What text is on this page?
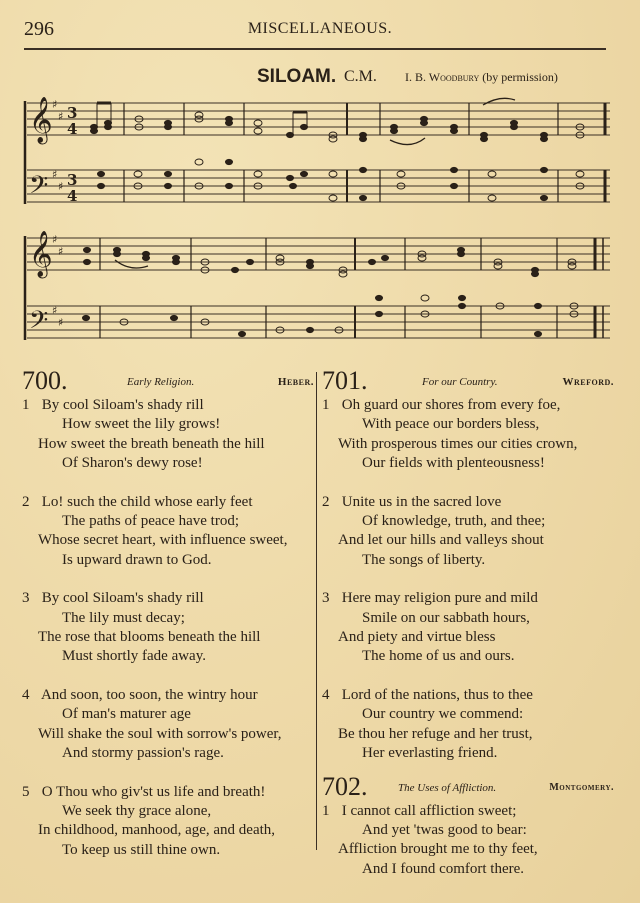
296	MISCELLANEOUS.
SILOAM. C.M. I. B. Woodbury (by permission)
𝄞
𝄢
𝄞
𝄢
♯
♯
♯
♯
♯
♯
♯
♯
3
4
3
4
700.	Early Religion.	Heber.
1 By cool Siloam's shady rill
How sweet the lily grows!
How sweet the breath beneath the hill
Of Sharon's dewy rose!
2 Lo! such the child whose early feet
The paths of peace have trod;
Whose secret heart, with influence sweet,
Is upward drawn to God.
3 By cool Siloam's shady rill
The lily must decay;
The rose that blooms beneath the hill
Must shortly fade away.
4 And soon, too soon, the wintry hour
Of man's maturer age
Will shake the soul with sorrow's power,
And stormy passion's rage.
5 O Thou who giv'st us life and breath!
We seek thy grace alone,
In childhood, manhood, age, and death,
To keep us still thine own.
701.	For our Country.	Wreford.
1 Oh guard our shores from every foe,
With peace our borders bless,
With prosperous times our cities crown,
Our fields with plenteousness!
2 Unite us in the sacred love
Of knowledge, truth, and thee;
And let our hills and valleys shout
The songs of liberty.
3 Here may religion pure and mild
Smile on our sabbath hours,
And piety and virtue bless
The home of us and ours.
4 Lord of the nations, thus to thee
Our country we commend:
Be thou her refuge and her trust,
Her everlasting friend.
702.	The Uses of Affliction.	Montgomery.
1 I cannot call affliction sweet;
And yet 'twas good to bear:
Affliction brought me to thy feet,
And I found comfort there.
